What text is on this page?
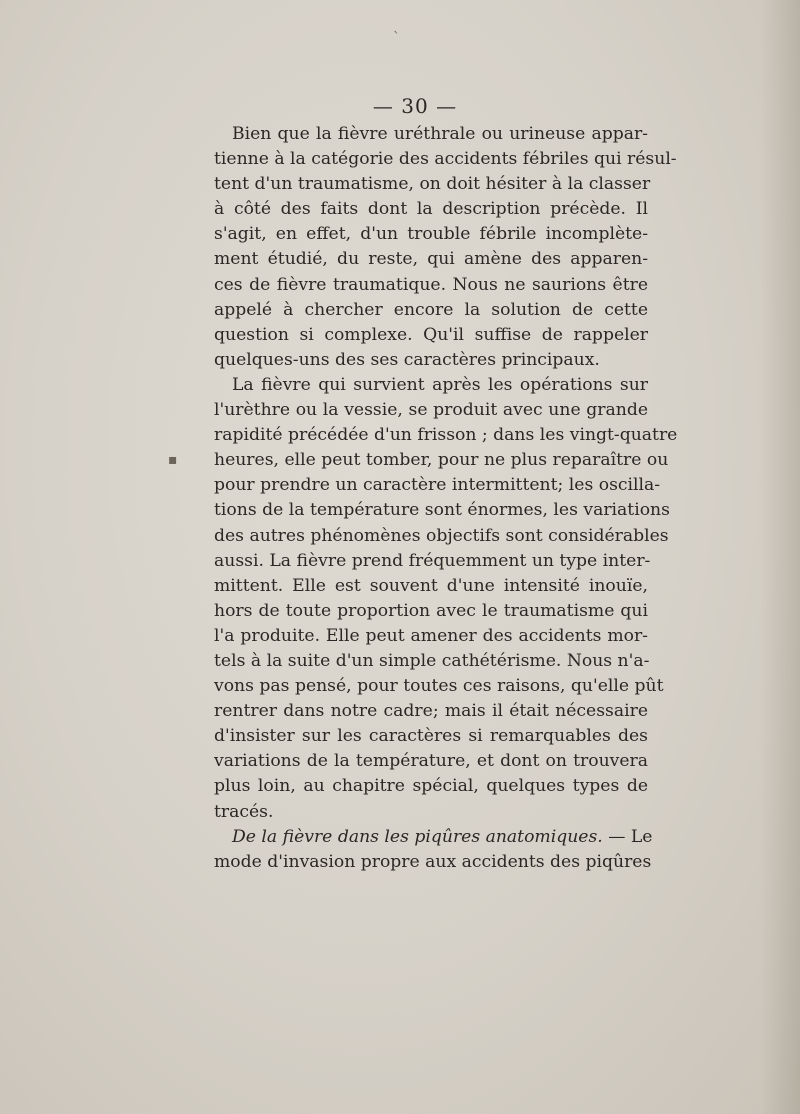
ˋ
▪
— 30 —
Bien que la fièvre uréthrale ou urineuse appar-
tienne à la catégorie des accidents fébriles qui résul-
tent d'un traumatisme, on doit hésiter à la classer
à côté des faits dont la description précède. Il
s'agit, en effet, d'un trouble fébrile incomplète-
ment étudié, du reste, qui amène des apparen-
ces de fièvre traumatique. Nous ne saurions être
appelé à chercher encore la solution de cette
question si complexe. Qu'il suffise de rappeler
quelques-uns des ses caractères principaux.
La fièvre qui survient après les opérations sur
l'urèthre ou la vessie, se produit avec une grande
rapidité précédée d'un frisson ; dans les vingt-quatre
heures, elle peut tomber, pour ne plus reparaître ou
pour prendre un caractère intermittent; les oscilla-
tions de la température sont énormes, les variations
des autres phénomènes objectifs sont considérables
aussi. La fièvre prend fréquemment un type inter-
mittent. Elle est souvent d'une intensité inouïe,
hors de toute proportion avec le traumatisme qui
l'a produite. Elle peut amener des accidents mor-
tels à la suite d'un simple cathétérisme. Nous n'a-
vons pas pensé, pour toutes ces raisons, qu'elle pût
rentrer dans notre cadre; mais il était nécessaire
d'insister sur les caractères si remarquables des
variations de la température, et dont on trouvera
plus loin, au chapitre spécial, quelques types de
tracés.
De la fièvre dans les piqûres anatomiques. — Le
mode d'invasion propre aux accidents des piqûres
